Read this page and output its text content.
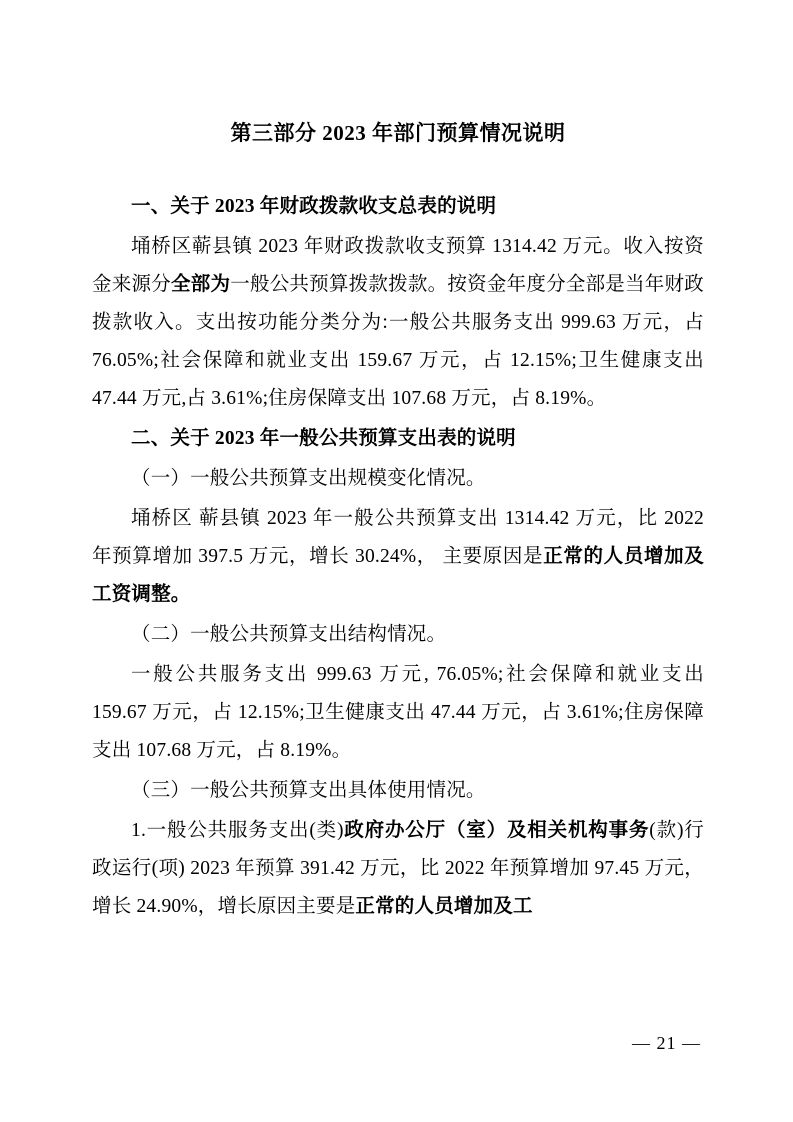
第三部分 2023 年部门预算情况说明

一、关于 2023 年财政拨款收支总表的说明

埇桥区蕲县镇 2023 年财政拨款收支预算 1314.42 万元。收入按资金来源分全部为一般公共预算拨款拨款。按资金年度分全部是当年财政拨款收入。支出按功能分类分为:一般公共服务支出 999.63 万元，占 76.05%;社会保障和就业支出 159.67 万元，占 12.15%;卫生健康支出 47.44 万元,占 3.61%;住房保障支出 107.68 万元，占 8.19%。

二、关于 2023 年一般公共预算支出表的说明

（一）一般公共预算支出规模变化情况。

埇桥区 蕲县镇 2023 年一般公共预算支出 1314.42 万元，比 2022 年预算增加 397.5 万元，增长 30.24%， 主要原因是正常的人员增加及工资调整。

（二）一般公共预算支出结构情况。

一般公共服务支出 999.63 万元, 76.05%;社会保障和就业支出 159.67 万元，占 12.15%;卫生健康支出 47.44 万元，占 3.61%;住房保障支出 107.68 万元，占 8.19%。

（三）一般公共预算支出具体使用情况。

1.一般公共服务支出(类)政府办公厅（室）及相关机构事务(款)行政运行(项) 2023 年预算 391.42 万元，比 2022 年预算增加 97.45 万元，增长 24.90%，增长原因主要是正常的人员增加及工

— 21 —
